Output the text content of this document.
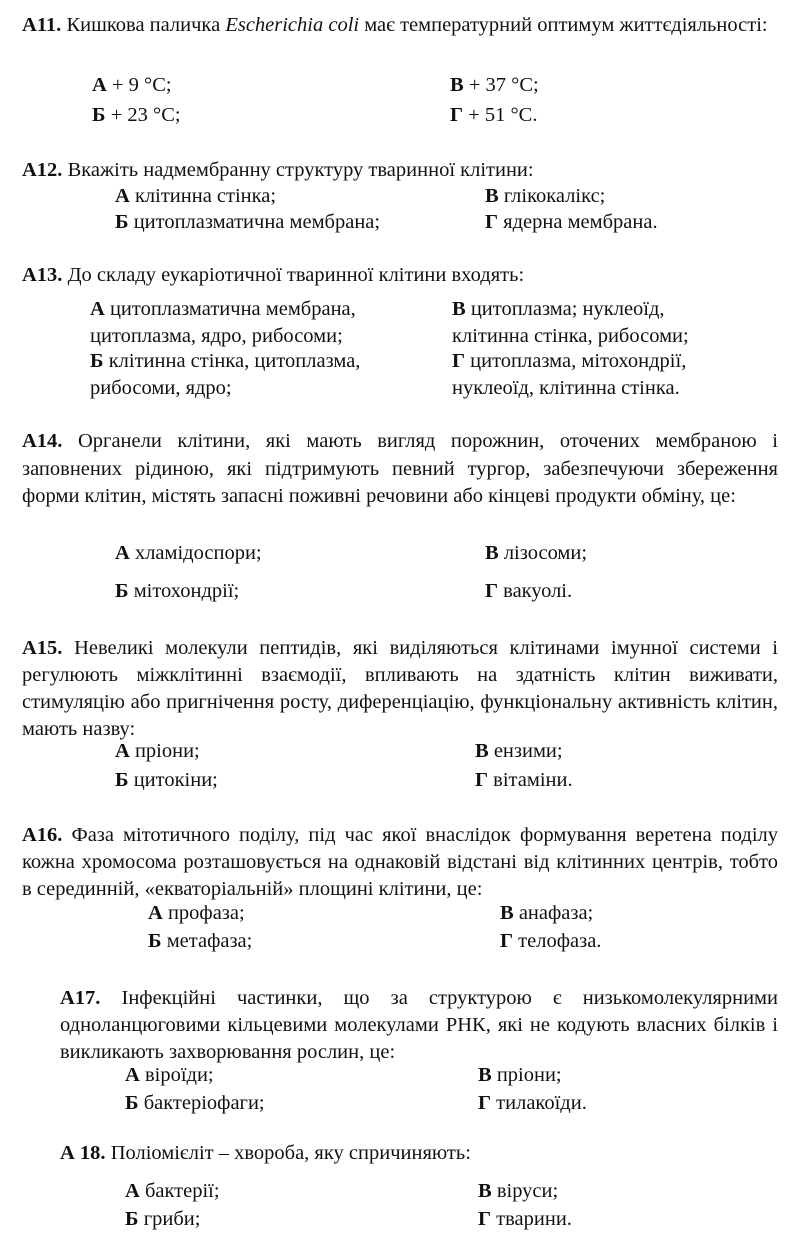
А11. Кишкова паличка Escherichia coli має температурний оптимум життєдіяльності:
А + 9 °С;
Б + 23 °С;
В + 37 °С;
Г + 51 °С.
А12. Вкажіть надмембранну структуру тваринної клітини:
А клітинна стінка;
Б цитоплазматична мембрана;
В глікокалікс;
Г ядерна мембрана.
А13. До складу еукаріотичної тваринної клітини входять:
А цитоплазматична мембрана,
цитоплазма, ядро, рибосоми;
Б клітинна стінка, цитоплазма,
рибосоми, ядро;
В цитоплазма; нуклеоїд,
клітинна стінка, рибосоми;
Г цитоплазма, мітохондрії,
нуклеоїд, клітинна стінка.
А14. Органели клітини, які мають вигляд порожнин, оточених мембраною і заповнених рідиною, які підтримують певний тургор, забезпечуючи збереження форми клітин, містять запасні поживні речовини або кінцеві продукти обміну, це:
А хламідоспори;
Б мітохондрії;
В лізосоми;
Г вакуолі.
А15. Невеликі молекули пептидів, які виділяються клітинами імунної системи і регулюють міжклітинні взаємодії, впливають на здатність клітин виживати, стимуляцію або пригнічення росту, диференціацію, функціональну активність клітин, мають назву:
А пріони;
Б цитокіни;
В ензими;
Г вітаміни.
А16. Фаза мітотичного поділу, під час якої внаслідок формування веретена поділу кожна хромосома розташовується на однаковій відстані від клітинних центрів, тобто в серединній, «екваторіальній» площині клітини, це:
А профаза;
Б метафаза;
В анафаза;
Г телофаза.
А17. Інфекційні частинки, що за структурою є низькомолекулярними одноланцюговими кільцевими молекулами РНК, які не кодують власних білків і викликають захворювання рослин, це:
А віроїди;
Б бактеріофаги;
В пріони;
Г тилакоїди.
А 18. Поліомієліт – хвороба, яку спричиняють:
А бактерії;
Б гриби;
В віруси;
Г тварини.
